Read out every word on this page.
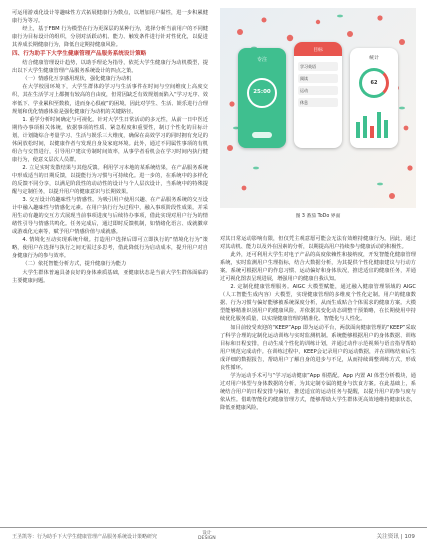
可运用游戏化设计等趣味性方式拓展健康行为数点，以增加用户黏性，进一步积累健康行为等习。

经上，基于FBM 行为模型在行为更深层的某种行为，选择分析当前用户的不同健康行为目标设计的组织，分别对活跃动机、能力、触发条件进行针对性优化，以促进其养成长期健康行为，降低自定期持健康风险。

四、行为助手下大学生健康管理产品服务系统设计策略

结合健康管理设计趋势，以助手理论为指导，依托大学生健康行为动机模型，提出以下大学生健康管理产品服务系统设计的四点之策。

（一）情感化互享感用现状，强化健康行为动机

在大学校园环境下，大学生群体的学习与生活事件在时间与空间维度上高度交织，其在生活学习上都拥有较高的自由度，但常因缺乏有效规划而陷入“学习无序、效率低下、学业累积至数救，进而身心俱疲”的困境。因此对学生、生活、娱乐进行合理规划和优化情感体验是强化健康行为动机的关键路径。

1. 重学分析时间确定与可视化。针对大学生日常活动的多元性，从前一日中医近期待办事项相关体统，依据事项的性质、紧急程度和重要性，制订个性化的目标计划，计划随综合考量学习、生活与娱乐三大维度，确保在高效学习的同时拥有充足的休闲放松时间，以健康作者与发现自身及家庭环境。此外，通过不同属性事项的有机组合与交替进行，引导用户建议劳制时间效率，从事学者看机会在学习时间内执行健康行为，使意义层次人员群。

2. 立足实时发散结果与其他反馈。利用学习本地的某系统结果，在产品服务系统中形成适当的日期反馈，以提能行为习惯与可持续化。进一步的，在系统中的多样化的反馈不同分享，以满足阶段性的动动性的设计与个人层次设计，当系统中的特殊提醒与定制任务，以提升用户的健康意识与长期效果。

3. 交互设计的趣味性与情感性。为吸引用户使用兴趣、在产品服务系统的交互设计中融入趣味性与情感化元素。在用户执行行为过程中，融入事项阶段性成果。并采用生动有趣的交互方式展现当前事项进度与后续待办事项，借此实现对用户行为的情绪性引导与情感共鸣化。任务完成后，通过即时反馈机制，如情绪化语言、成就徽章或游戏化元素等，赋予用户情感价值与成就感。

4. 情境化互动实现系统升级。打造用户选择后即可立即执行的“情境化行为”策略，使用户在选择与执行之间无需过多思考，借此降低行为启动成本，提升用户对自身健康行为的参与效率。

（二）依托智能分析方式，提升健康行为能力

大学生群体普遍具备良好的身体素质基础，亚健康状态是当前大学生群体面临的主要健康问题。

专注
25:00
目标
学习英语
阅读
运动
休息
统计
62
图 3 番茄 ToDo 界面

对其日常运动影响有限，但仅凭主观意愿可能会无法有效维持健康行为。因此，通过对其动机、能力以及外在因素的分析，以期提高用户持续参与健康活动的积极性。

此外，还可利用大学生对电子产品的高度依赖性和接纳度，开发智能化健康管理系统，实时监测用户生理指标，结合大数据分析，为其提供个性化健康建议与行动方案。系统可根据用户的作息习惯、运动偏好和身体状况，推送适宜的健康任务，并通过可视化图表呈现进展，增强用户的健康自我认知。

2. 定制化健康管理服务。AIGC 大模型赋能，通过融入健康管理领域的 AIGC（人工智能生成内容）大模型，实现健康管理的多维度个性化定制。用户的健康数据、行为习惯与偏好能够被系统深度分析，从而生成贴合个体需求的健康方案。大模型能够精准识别用户的健康风险，并依据其变化动态调整干预策略，在长期使用中持续优化服务质量，以实现健康管理的精准化、智能化与人性化。

如目前较受欢迎的“KEEP”App 即为运动平台，两款面向健康管理的“KEEP”采取了科学合理的定制化运动训练与实时监测机制。系统能够根据用户的身体数据、训练目标和日程安排，自动生成个性化的训练计划，并通过动作示范视频与语音指导帮助用户规范完成动作。在训练过程中，KEEP会记录用户的运动数据，并在训练结束后生成详细的数据报告，帮助用户了解自身的进步与不足，从而持续调整训练方式，形成良性循环。

学为运动手术可与“学习运动健康”App 相搭配。App 内置 AI 体型分析模块，通过对用户体型与身体数据的分析，为其定制专属的健身与饮食方案。在此基础上，系统结合用户的日程安排与偏好，推送适宜的运动任务与提醒，以提升用户的参与度与依从性。借助智能化的健康管理方式，能够帮助大学生群体更高效地维持健康状态，降低亚健康风险。

王圣凯等：行为助手下大学生健康管理产品服务系统设计策略研究
设计
DESIGN	关注资讯 | 109
